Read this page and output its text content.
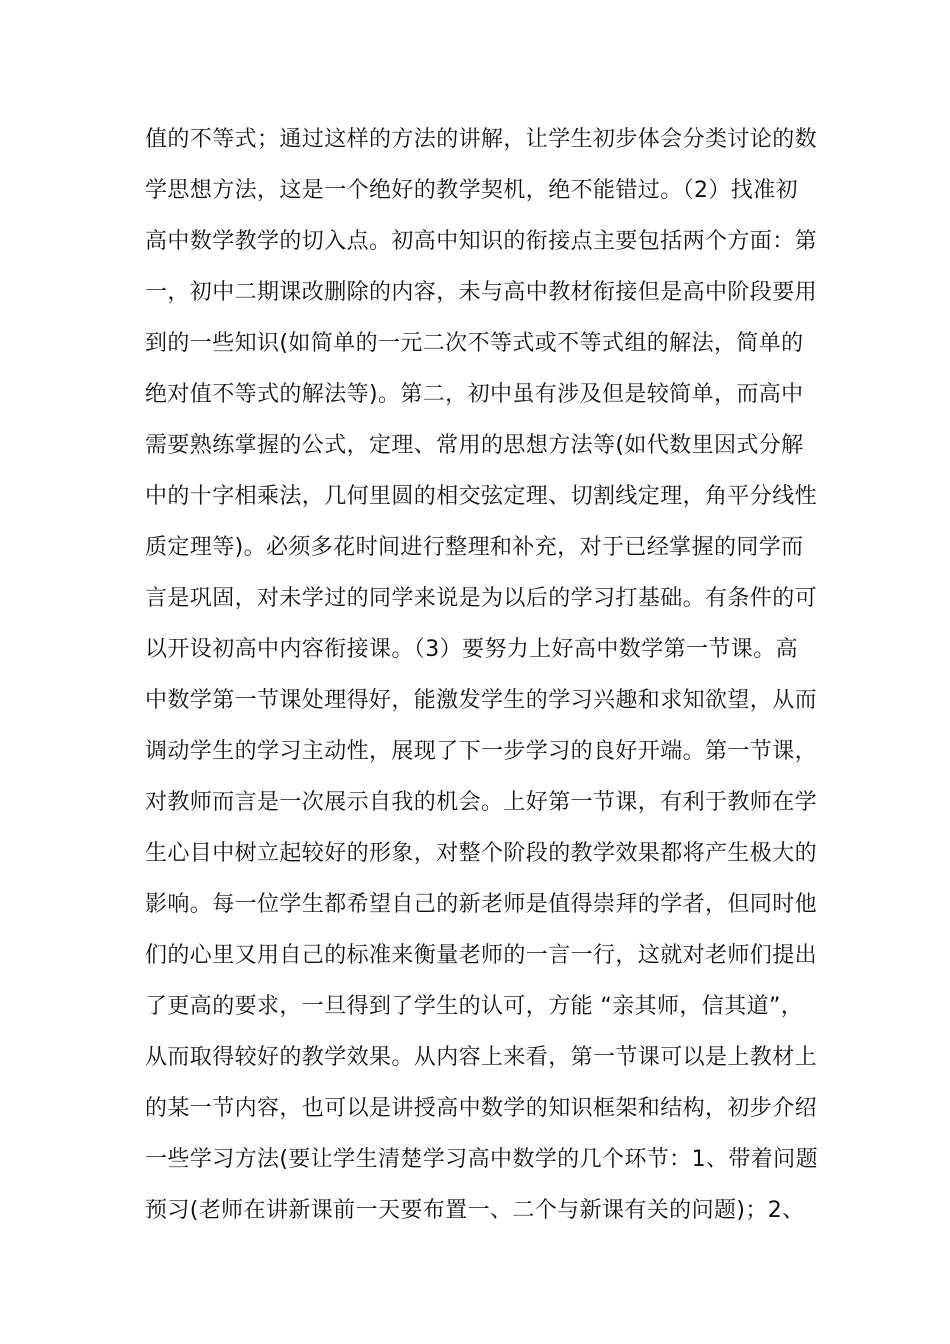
值的不等式；通过这样的方法的讲解，让学生初步体会分类讨论的数
学思想方法，这是一个绝好的教学契机，绝不能错过。（2）找准初
高中数学教学的切入点。初高中知识的衔接点主要包括两个方面：第
一，初中二期课改删除的内容，未与高中教材衔接但是高中阶段要用
到的一些知识(如简单的一元二次不等式或不等式组的解法，简单的
绝对值不等式的解法等)。第二，初中虽有涉及但是较简单，而高中
需要熟练掌握的公式，定理、常用的思想方法等(如代数里因式分解
中的十字相乘法，几何里圆的相交弦定理、切割线定理，角平分线性
质定理等)。必须多花时间进行整理和补充，对于已经掌握的同学而
言是巩固，对未学过的同学来说是为以后的学习打基础。有条件的可
以开设初高中内容衔接课。（3）要努力上好高中数学第一节课。高
中数学第一节课处理得好，能激发学生的学习兴趣和求知欲望，从而
调动学生的学习主动性，展现了下一步学习的良好开端。第一节课，
对教师而言是一次展示自我的机会。上好第一节课，有利于教师在学
生心目中树立起较好的形象，对整个阶段的教学效果都将产生极大的
影响。每一位学生都希望自己的新老师是值得崇拜的学者，但同时他
们的心里又用自己的标准来衡量老师的一言一行，这就对老师们提出
了更高的要求，一旦得到了学生的认可，方能 “亲其师，信其道”，
从而取得较好的教学效果。从内容上来看，第一节课可以是上教材上
的某一节内容，也可以是讲授高中数学的知识框架和结构，初步介绍
一些学习方法(要让学生清楚学习高中数学的几个环节：1、带着问题
预习(老师在讲新课前一天要布置一、二个与新课有关的问题)；2、
